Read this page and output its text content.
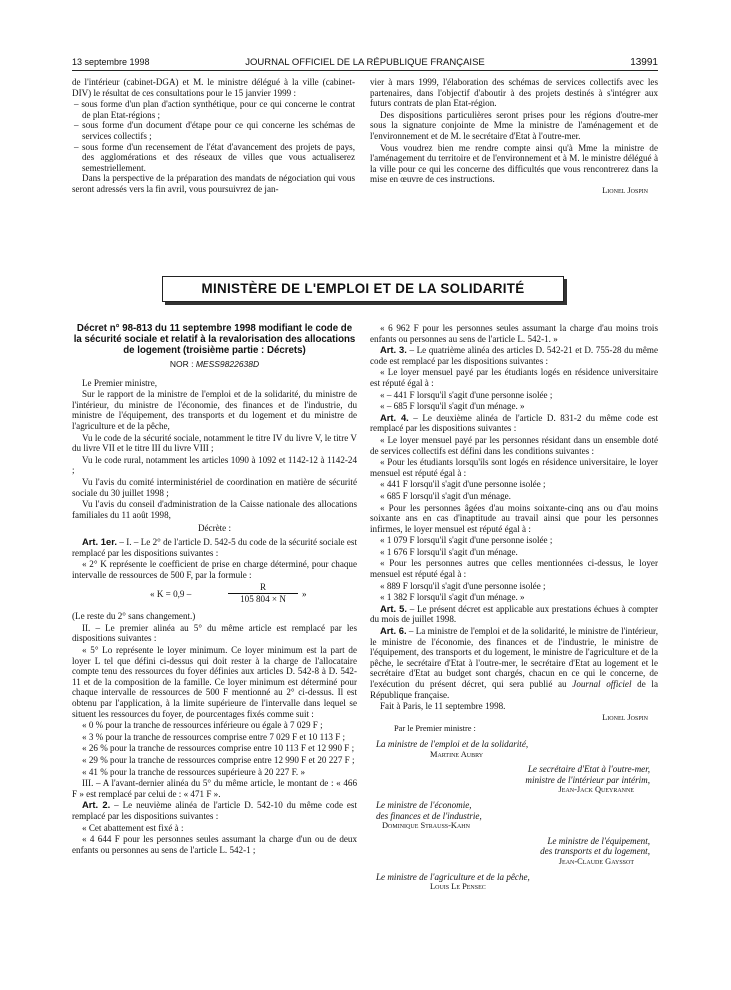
13 septembre 1998	JOURNAL OFFICIEL DE LA RÉPUBLIQUE FRANÇAISE	13991

de l'intérieur (cabinet-DGA) et M. le ministre délégué à la ville (cabinet-DIV) le résultat de ces consultations pour le 15 janvier 1999 :

– sous forme d'un plan d'action synthétique, pour ce qui concerne le contrat de plan Etat-régions ;

– sous forme d'un document d'étape pour ce qui concerne les schémas de services collectifs ;

– sous forme d'un recensement de l'état d'avancement des projets de pays, des agglomérations et des réseaux de villes que vous actualiserez semestriellement.

Dans la perspective de la préparation des mandats de négociation qui vous seront adressés vers la fin avril, vous poursuivrez de jan-

vier à mars 1999, l'élaboration des schémas de services collectifs avec les partenaires, dans l'objectif d'aboutir à des projets destinés à s'intégrer aux futurs contrats de plan Etat-région.

Des dispositions particulières seront prises pour les régions d'outre-mer sous la signature conjointe de Mme la ministre de l'aménagement et de l'environnement et de M. le secrétaire d'Etat à l'outre-mer.

Vous voudrez bien me rendre compte ainsi qu'à Mme la ministre de l'aménagement du territoire et de l'environnement et à M. le ministre délégué à la ville pour ce qui les concerne des difficultés que vous rencontrerez dans la mise en œuvre de ces instructions.

Lionel Jospin

MINISTÈRE DE L'EMPLOI ET DE LA SOLIDARITÉ
Décret n° 98-813 du 11 septembre 1998 modifiant le code de la sécurité sociale et relatif à la revalorisation des allocations de logement (troisième partie : Décrets)
NOR : MESS9822638D

Le Premier ministre,

Sur le rapport de la ministre de l'emploi et de la solidarité, du ministre de l'intérieur, du ministre de l'économie, des finances et de l'industrie, du ministre de l'équipement, des transports et du logement et du ministre de l'agriculture et de la pêche,

Vu le code de la sécurité sociale, notamment le titre IV du livre V, le titre V du livre VII et le titre III du livre VIII ;

Vu le code rural, notamment les articles 1090 à 1092 et 1142-12 à 1142-24 ;

Vu l'avis du comité interministériel de coordination en matière de sécurité sociale du 30 juillet 1998 ;

Vu l'avis du conseil d'administration de la Caisse nationale des allocations familiales du 11 août 1998,

Décrète :

Art. 1er. – I. – Le 2° de l'article D. 542-5 du code de la sécurité sociale est remplacé par les dispositions suivantes :

« 2° K représente le coefficient de prise en charge déterminé, pour chaque intervalle de ressources de 500 F, par la formule :

« K = 0,9 –	$\frac{R}{105 804 \times N}$ »

(Le reste du 2° sans changement.)

II. – Le premier alinéa au 5° du même article est remplacé par les dispositions suivantes :

« 5° Lo représente le loyer minimum. Ce loyer minimum est la part de loyer L tel que défini ci-dessus qui doit rester à la charge de l'allocataire compte tenu des ressources du foyer définies aux articles D. 542-8 à D. 542-11 et de la composition de la famille. Ce loyer minimum est déterminé pour chaque intervalle de ressources de 500 F mentionné au 2° ci-dessus. Il est obtenu par l'application, à la limite supérieure de l'intervalle dans lequel se situent les ressources du foyer, de pourcentages fixés comme suit :

« 0 % pour la tranche de ressources inférieure ou égale à 7 029 F ;

« 3 % pour la tranche de ressources comprise entre 7 029 F et 10 113 F ;

« 26 % pour la tranche de ressources comprise entre 10 113 F et 12 990 F ;

« 29 % pour la tranche de ressources comprise entre 12 990 F et 20 227 F ;

« 41 % pour la tranche de ressources supérieure à 20 227 F. »

III. – A l'avant-dernier alinéa du 5° du même article, le montant de : « 466 F » est remplacé par celui de : « 471 F ».

Art. 2. – Le neuvième alinéa de l'article D. 542-10 du même code est remplacé par les dispositions suivantes :

« Cet abattement est fixé à :

« 4 644 F pour les personnes seules assumant la charge d'un ou de deux enfants ou personnes au sens de l'article L. 542-1 ;

« 6 962 F pour les personnes seules assumant la charge d'au moins trois enfants ou personnes au sens de l'article L. 542-1. »

Art. 3. – Le quatrième alinéa des articles D. 542-21 et D. 755-28 du même code est remplacé par les dispositions suivantes :

« Le loyer mensuel payé par les étudiants logés en résidence universitaire est réputé égal à :

« – 441 F lorsqu'il s'agit d'une personne isolée ;

« – 685 F lorsqu'il s'agit d'un ménage. »

Art. 4. – Le deuxième alinéa de l'article D. 831-2 du même code est remplacé par les dispositions suivantes :

« Le loyer mensuel payé par les personnes résidant dans un ensemble doté de services collectifs est défini dans les conditions suivantes :

« Pour les étudiants lorsqu'ils sont logés en résidence universitaire, le loyer mensuel est réputé égal à :

« 441 F lorsqu'il s'agit d'une personne isolée ;

« 685 F lorsqu'il s'agit d'un ménage.

« Pour les personnes âgées d'au moins soixante-cinq ans ou d'au moins soixante ans en cas d'inaptitude au travail ainsi que pour les personnes infirmes, le loyer mensuel est réputé égal à :

« 1 079 F lorsqu'il s'agit d'une personne isolée ;

« 1 676 F lorsqu'il s'agit d'un ménage.

« Pour les personnes autres que celles mentionnées ci-dessus, le loyer mensuel est réputé égal à :

« 889 F lorsqu'il s'agit d'une personne isolée ;

« 1 382 F lorsqu'il s'agit d'un ménage. »

Art. 5. – Le présent décret est applicable aux prestations échues à compter du mois de juillet 1998.

Art. 6. – La ministre de l'emploi et de la solidarité, le ministre de l'intérieur, le ministre de l'économie, des finances et de l'industrie, le ministre de l'équipement, des transports et du logement, le ministre de l'agriculture et de la pêche, le secrétaire d'Etat à l'outre-mer, le secrétaire d'Etat au logement et le secrétaire d'Etat au budget sont chargés, chacun en ce qui le concerne, de l'exécution du présent décret, qui sera publié au Journal officiel de la République française.

Fait à Paris, le 11 septembre 1998.

Lionel Jospin

Par le Premier ministre :

La ministre de l'emploi et de la solidarité,
Martine Aubry
Le secrétaire d'Etat à l'outre-mer,
ministre de l'intérieur par intérim,
Jean-Jack Queyranne
Le ministre de l'économie,
des finances et de l'industrie,
Dominique Strauss-Kahn
Le ministre de l'équipement,
des transports et du logement,
Jean-Claude Gayssot
Le ministre de l'agriculture et de la pêche,
Louis Le Pensec
